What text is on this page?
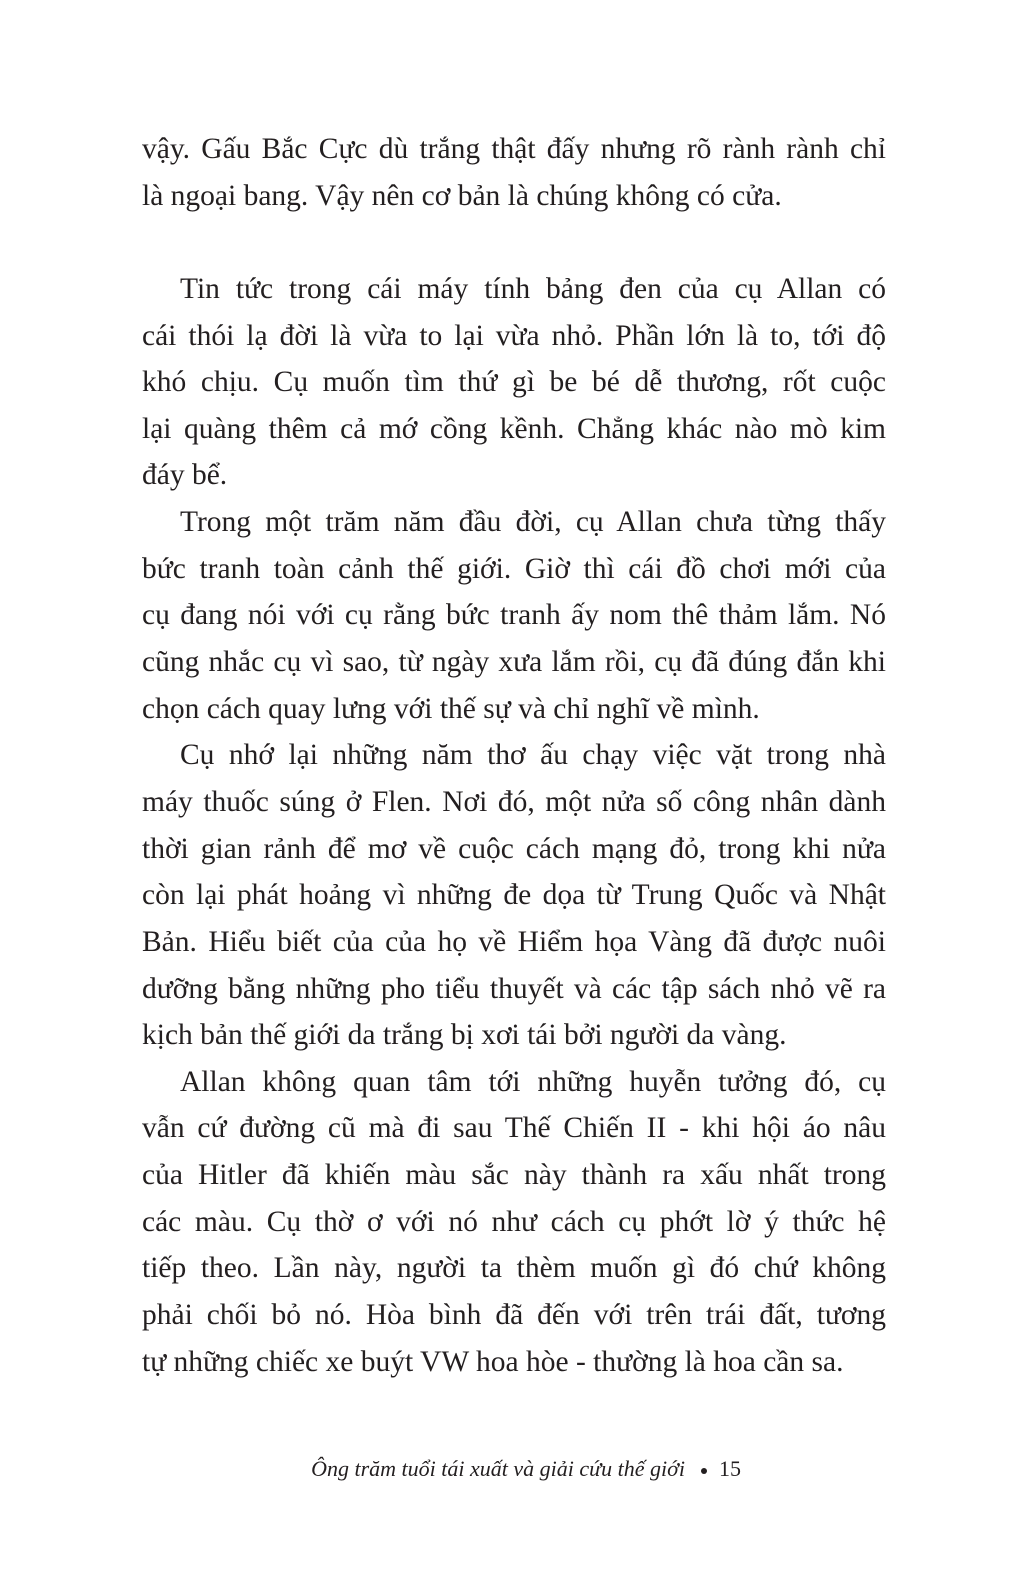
vậy. Gấu Bắc Cực dù trắng thật đấy nhưng rõ rành rành chỉ
là ngoại bang. Vậy nên cơ bản là chúng không có cửa.
Tin tức trong cái máy tính bảng đen của cụ Allan có
cái thói lạ đời là vừa to lại vừa nhỏ. Phần lớn là to, tới độ
khó chịu. Cụ muốn tìm thứ gì be bé dễ thương, rốt cuộc
lại quàng thêm cả mớ cồng kềnh. Chẳng khác nào mò kim
đáy bể.
Trong một trăm năm đầu đời, cụ Allan chưa từng thấy
bức tranh toàn cảnh thế giới. Giờ thì cái đồ chơi mới của
cụ đang nói với cụ rằng bức tranh ấy nom thê thảm lắm. Nó
cũng nhắc cụ vì sao, từ ngày xưa lắm rồi, cụ đã đúng đắn khi
chọn cách quay lưng với thế sự và chỉ nghĩ về mình.
Cụ nhớ lại những năm thơ ấu chạy việc vặt trong nhà
máy thuốc súng ở Flen. Nơi đó, một nửa số công nhân dành
thời gian rảnh để mơ về cuộc cách mạng đỏ, trong khi nửa
còn lại phát hoảng vì những đe dọa từ Trung Quốc và Nhật
Bản. Hiểu biết của của họ về Hiểm họa Vàng đã được nuôi
dưỡng bằng những pho tiểu thuyết và các tập sách nhỏ vẽ ra
kịch bản thế giới da trắng bị xơi tái bởi người da vàng.
Allan không quan tâm tới những huyễn tưởng đó, cụ
vẫn cứ đường cũ mà đi sau Thế Chiến II - khi hội áo nâu
của Hitler đã khiến màu sắc này thành ra xấu nhất trong
các màu. Cụ thờ ơ với nó như cách cụ phớt lờ ý thức hệ
tiếp theo. Lần này, người ta thèm muốn gì đó chứ không
phải chối bỏ nó. Hòa bình đã đến với trên trái đất, tương
tự những chiếc xe buýt VW hoa hòe - thường là hoa cần sa.
Ông trăm tuổi tái xuất và giải cứu thế giới 15
